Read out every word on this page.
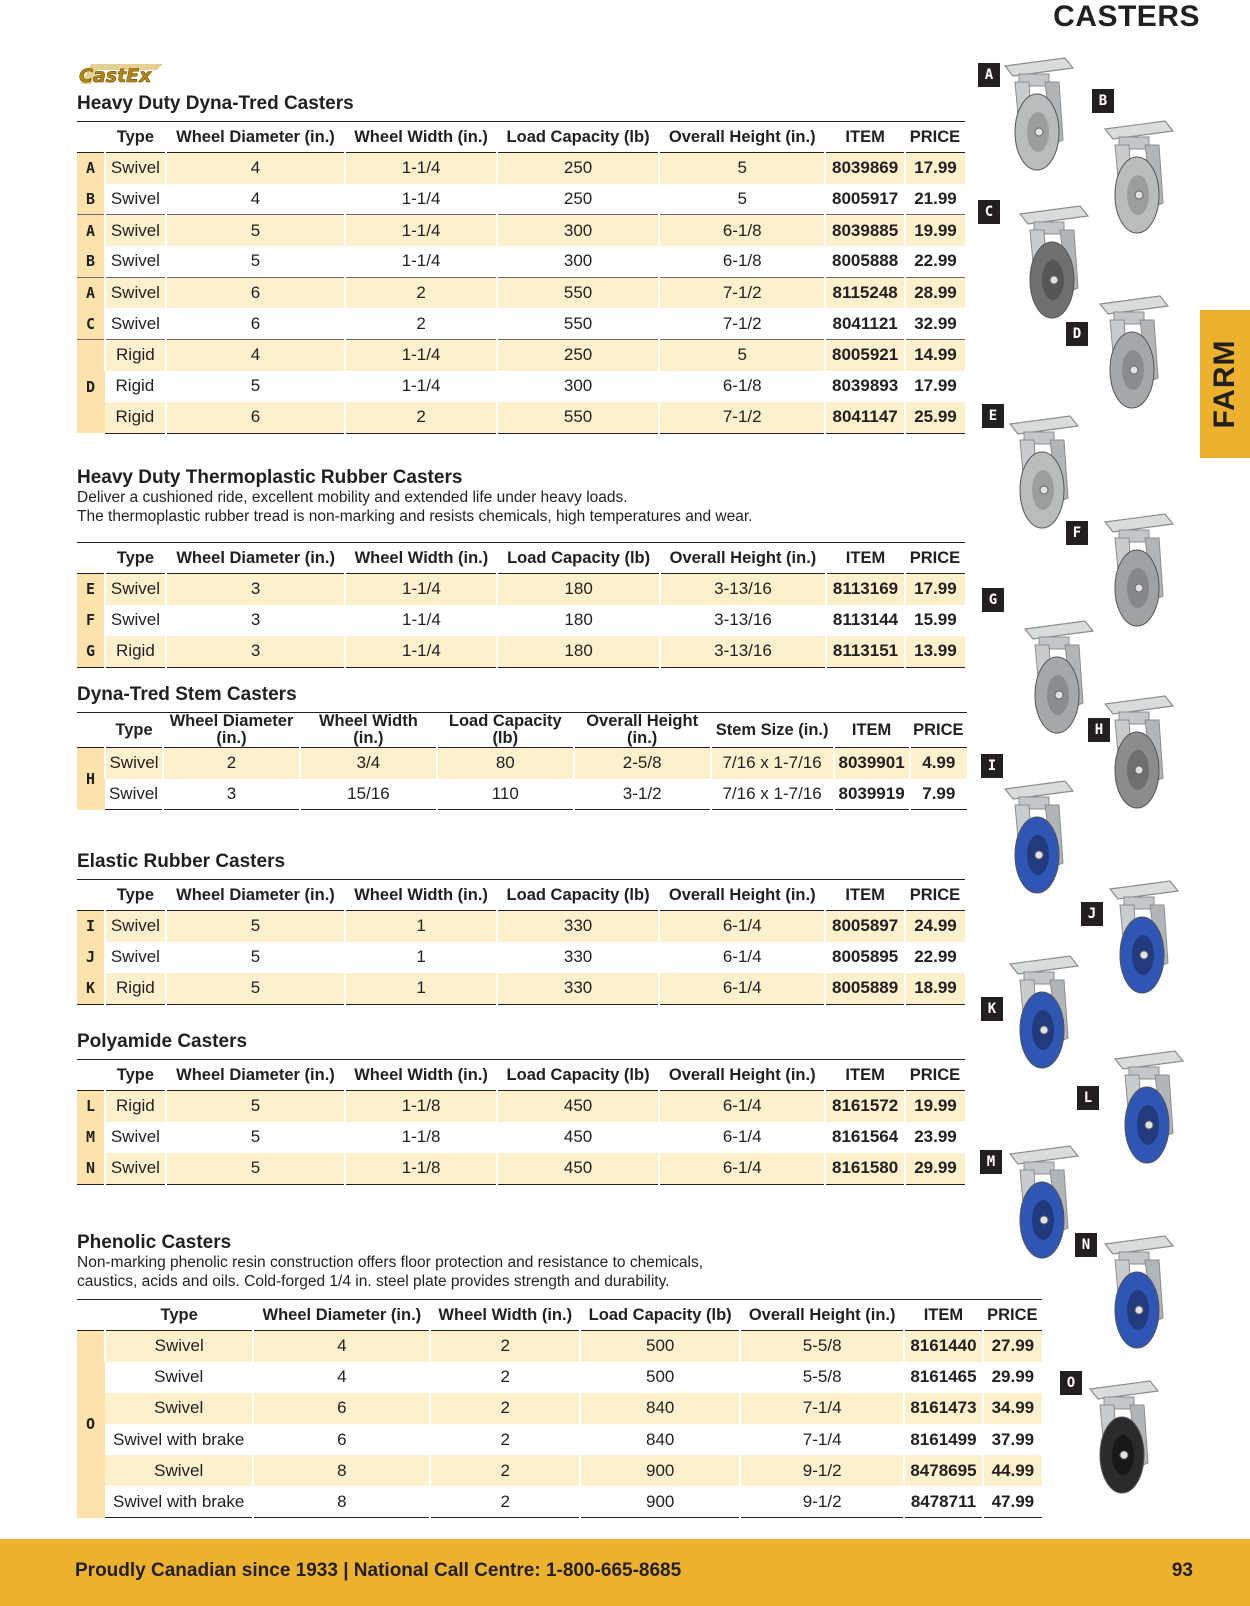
CASTERS
CastEx
Heavy Duty Dyna-Tred Casters
	Type	Wheel Diameter (in.)	Wheel Width (in.)	Load Capacity (lb)	Overall Height (in.)	ITEM	PRICE
A	Swivel	4	1-1/4	250	5	8039869	17.99
B	Swivel	4	1-1/4	250	5	8005917	21.99
A	Swivel	5	1-1/4	300	6-1/8	8039885	19.99
B	Swivel	5	1-1/4	300	6-1/8	8005888	22.99
A	Swivel	6	2	550	7-1/2	8115248	28.99
C	Swivel	6	2	550	7-1/2	8041121	32.99
D	Rigid	4	1-1/4	250	5	8005921	14.99
	Rigid	5	1-1/4	300	6-1/8	8039893	17.99
	Rigid	6	2	550	7-1/2	8041147	25.99
Heavy Duty Thermoplastic Rubber Casters

Deliver a cushioned ride, excellent mobility and extended life under heavy loads.

The thermoplastic rubber tread is non-marking and resists chemicals, high temperatures and wear.

	Type	Wheel Diameter (in.)	Wheel Width (in.)	Load Capacity (lb)	Overall Height (in.)	ITEM	PRICE
E	Swivel	3	1-1/4	180	3-13/16	8113169	17.99
F	Swivel	3	1-1/4	180	3-13/16	8113144	15.99
G	Rigid	3	1-1/4	180	3-13/16	8113151	13.99
Dyna-Tred Stem Casters
	Type	Wheel Diameter (in.)	Wheel Width (in.)	Load Capacity (lb)	Overall Height (in.)	Stem Size (in.)	ITEM	PRICE
H	Swivel	2	3/4	80	2-5/8	7/16 x 1-7/16	8039901	4.99
	Swivel	3	15/16	110	3-1/2	7/16 x 1-7/16	8039919	7.99
Elastic Rubber Casters
	Type	Wheel Diameter (in.)	Wheel Width (in.)	Load Capacity (lb)	Overall Height (in.)	ITEM	PRICE
I	Swivel	5	1	330	6-1/4	8005897	24.99
J	Swivel	5	1	330	6-1/4	8005895	22.99
K	Rigid	5	1	330	6-1/4	8005889	18.99
Polyamide Casters
	Type	Wheel Diameter (in.)	Wheel Width (in.)	Load Capacity (lb)	Overall Height (in.)	ITEM	PRICE
L	Rigid	5	1-1/8	450	6-1/4	8161572	19.99
M	Swivel	5	1-1/8	450	6-1/4	8161564	23.99
N	Swivel	5	1-1/8	450	6-1/4	8161580	29.99
Phenolic Casters

Non-marking phenolic resin construction offers floor protection and resistance to chemicals,

caustics, acids and oils. Cold-forged 1/4 in. steel plate provides strength and durability.

	Type	Wheel Diameter (in.)	Wheel Width (in.)	Load Capacity (lb)	Overall Height (in.)	ITEM	PRICE
O	Swivel	4	2	500	5-5/8	8161440	27.99
	Swivel	4	2	500	5-5/8	8161465	29.99
	Swivel	6	2	840	7-1/4	8161473	34.99
	Swivel with brake	6	2	840	7-1/4	8161499	37.99
	Swivel	8	2	900	9-1/2	8478695	44.99
	Swivel with brake	8	2	900	9-1/2	8478711	47.99
FARM
A
B
C
D
E
F
G
H
I
J
K
L
M
N
O
Proudly Canadian since 1933 | National Call Centre: 1-800-665-8685	93
